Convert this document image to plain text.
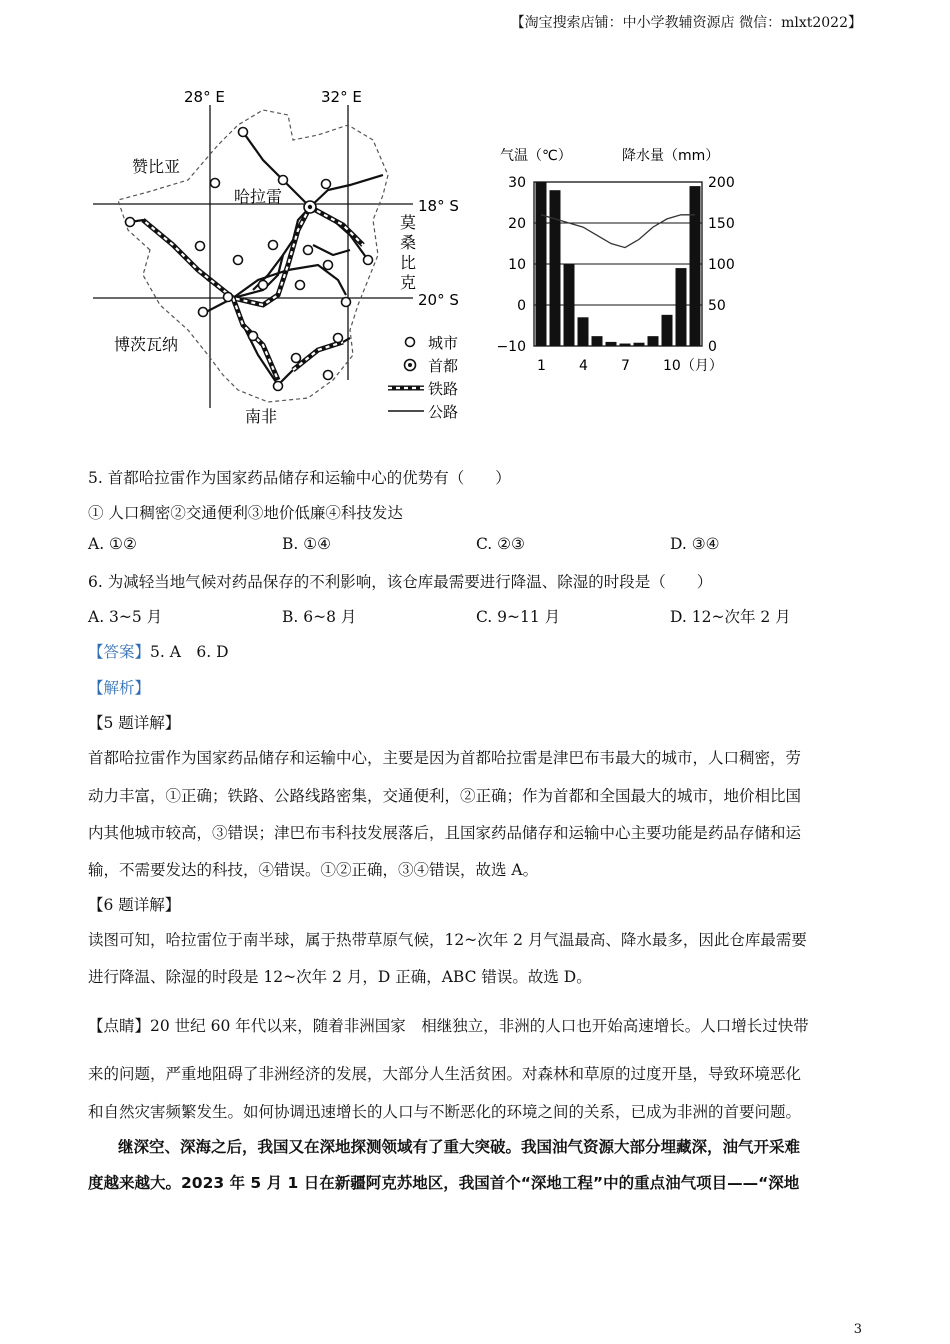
【淘宝搜索店铺：中小学教辅资源店 微信：mlxt2022】
28° E	32° E
18° S
20° S
赞比亚
哈拉雷
莫
桑
比
克
博茨瓦纳
南非
城市
首都
铁路
公路
气温（℃）	降水量（mm）
30
20
10
0
−10
200
150
100
50
0
1 4 7 10（月）
5. 首都哈拉雷作为国家药品储存和运输中心的优势有（　　）
① 人口稠密②交通便利③地价低廉④科技发达
A. ①②	B. ①④	C. ②③	D. ③④
6. 为减轻当地气候对药品保存的不利影响，该仓库最需要进行降温、除湿的时段是（　　）
A. 3~5 月	B. 6~8 月	C. 9~11 月	D. 12~次年 2 月
【答案】5. A　6. D
【解析】
【5 题详解】
首都哈拉雷作为国家药品储存和运输中心，主要是因为首都哈拉雷是津巴布韦最大的城市，人口稠密，劳
动力丰富，①正确；铁路、公路线路密集，交通便利，②正确；作为首都和全国最大的城市，地价相比国
内其他城市较高，③错误；津巴布韦科技发展落后，且国家药品储存和运输中心主要功能是药品存储和运
输，不需要发达的科技，④错误。①②正确，③④错误，故选 A。
【6 题详解】
读图可知，哈拉雷位于南半球，属于热带草原气候，12~次年 2 月气温最高、降水最多，因此仓库最需要
进行降温、除湿的时段是 12~次年 2 月，D 正确，ABC 错误。故选 D。
【点睛】20 世纪 60 年代以来，随着非洲国家　相继独立，非洲的人口也开始高速增长。人口增长过快带
来的问题，严重地阻碍了非洲经济的发展，大部分人生活贫困。对森林和草原的过度开垦，导致环境恶化
和自然灾害频繁发生。如何协调迅速增长的人口与不断恶化的环境之间的关系，已成为非洲的首要问题。
继深空、深海之后，我国又在深地探测领域有了重大突破。我国油气资源大部分埋藏深，油气开采难
度越来越大。2023 年 5 月 1 日在新疆阿克苏地区，我国首个“深地工程”中的重点油气项目——“深地
3
